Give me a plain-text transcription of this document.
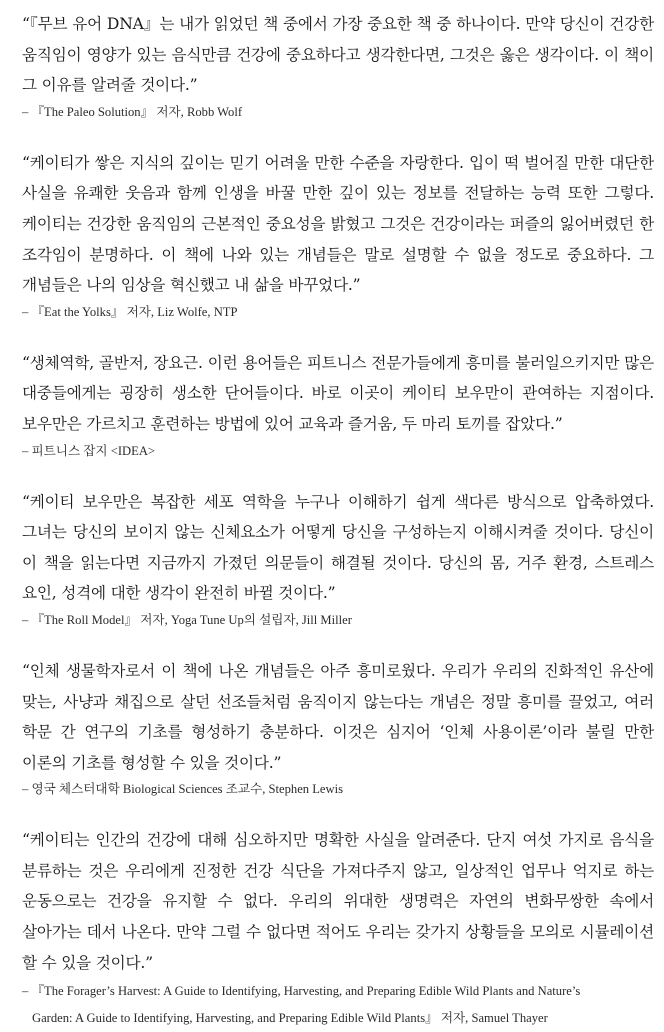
“『무브 유어 DNA』는 내가 읽었던 책 중에서 가장 중요한 책 중 하나이다. 만약 당신이 건강한 움직임이 영양가 있는 음식만큼 건강에 중요하다고 생각한다면, 그것은 옳은 생각이다. 이 책이 그 이유를 알려줄 것이다.”

– 『The Paleo Solution』 저자, Robb Wolf

“케이티가 쌓은 지식의 깊이는 믿기 어려울 만한 수준을 자랑한다. 입이 떡 벌어질 만한 대단한 사실을 유쾌한 웃음과 함께 인생을 바꿀 만한 깊이 있는 정보를 전달하는 능력 또한 그렇다. 케이티는 건강한 움직임의 근본적인 중요성을 밝혔고 그것은 건강이라는 퍼즐의 잃어버렸던 한 조각임이 분명하다. 이 책에 나와 있는 개념들은 말로 설명할 수 없을 정도로 중요하다. 그 개념들은 나의 임상을 혁신했고 내 삶을 바꾸었다.”

– 『Eat the Yolks』 저자, Liz Wolfe, NTP

“생체역학, 골반저, 장요근. 이런 용어들은 피트니스 전문가들에게 흥미를 불러일으키지만 많은 대중들에게는 굉장히 생소한 단어들이다. 바로 이곳이 케이티 보우만이 관여하는 지점이다. 보우만은 가르치고 훈련하는 방법에 있어 교육과 즐거움, 두 마리 토끼를 잡았다.”

– 피트니스 잡지 <IDEA>

“케이티 보우만은 복잡한 세포 역학을 누구나 이해하기 쉽게 색다른 방식으로 압축하였다. 그녀는 당신의 보이지 않는 신체요소가 어떻게 당신을 구성하는지 이해시켜줄 것이다. 당신이 이 책을 읽는다면 지금까지 가졌던 의문들이 해결될 것이다. 당신의 몸, 거주 환경, 스트레스 요인, 성격에 대한 생각이 완전히 바뀔 것이다.”

– 『The Roll Model』 저자, Yoga Tune Up의 설립자, Jill Miller

“인체 생물학자로서 이 책에 나온 개념들은 아주 흥미로웠다. 우리가 우리의 진화적인 유산에 맞는, 사냥과 채집으로 살던 선조들처럼 움직이지 않는다는 개념은 정말 흥미를 끌었고, 여러 학문 간 연구의 기초를 형성하기 충분하다. 이것은 심지어 ‘인체 사용이론’이라 불릴 만한 이론의 기초를 형성할 수 있을 것이다.”

– 영국 체스터대학 Biological Sciences 조교수, Stephen Lewis

“케이티는 인간의 건강에 대해 심오하지만 명확한 사실을 알려준다. 단지 여섯 가지로 음식을 분류하는 것은 우리에게 진정한 건강 식단을 가져다주지 않고, 일상적인 업무나 억지로 하는 운동으로는 건강을 유지할 수 없다. 우리의 위대한 생명력은 자연의 변화무쌍한 속에서 살아가는 데서 나온다. 만약 그럴 수 없다면 적어도 우리는 갖가지 상황들을 모의로 시뮬레이션 할 수 있을 것이다.”

– 『The Forager’s Harvest: A Guide to Identifying, Harvesting, and Preparing Edible Wild Plants and Nature’s
Garden: A Guide to Identifying, Harvesting, and Preparing Edible Wild Plants』 저자, Samuel Thayer
